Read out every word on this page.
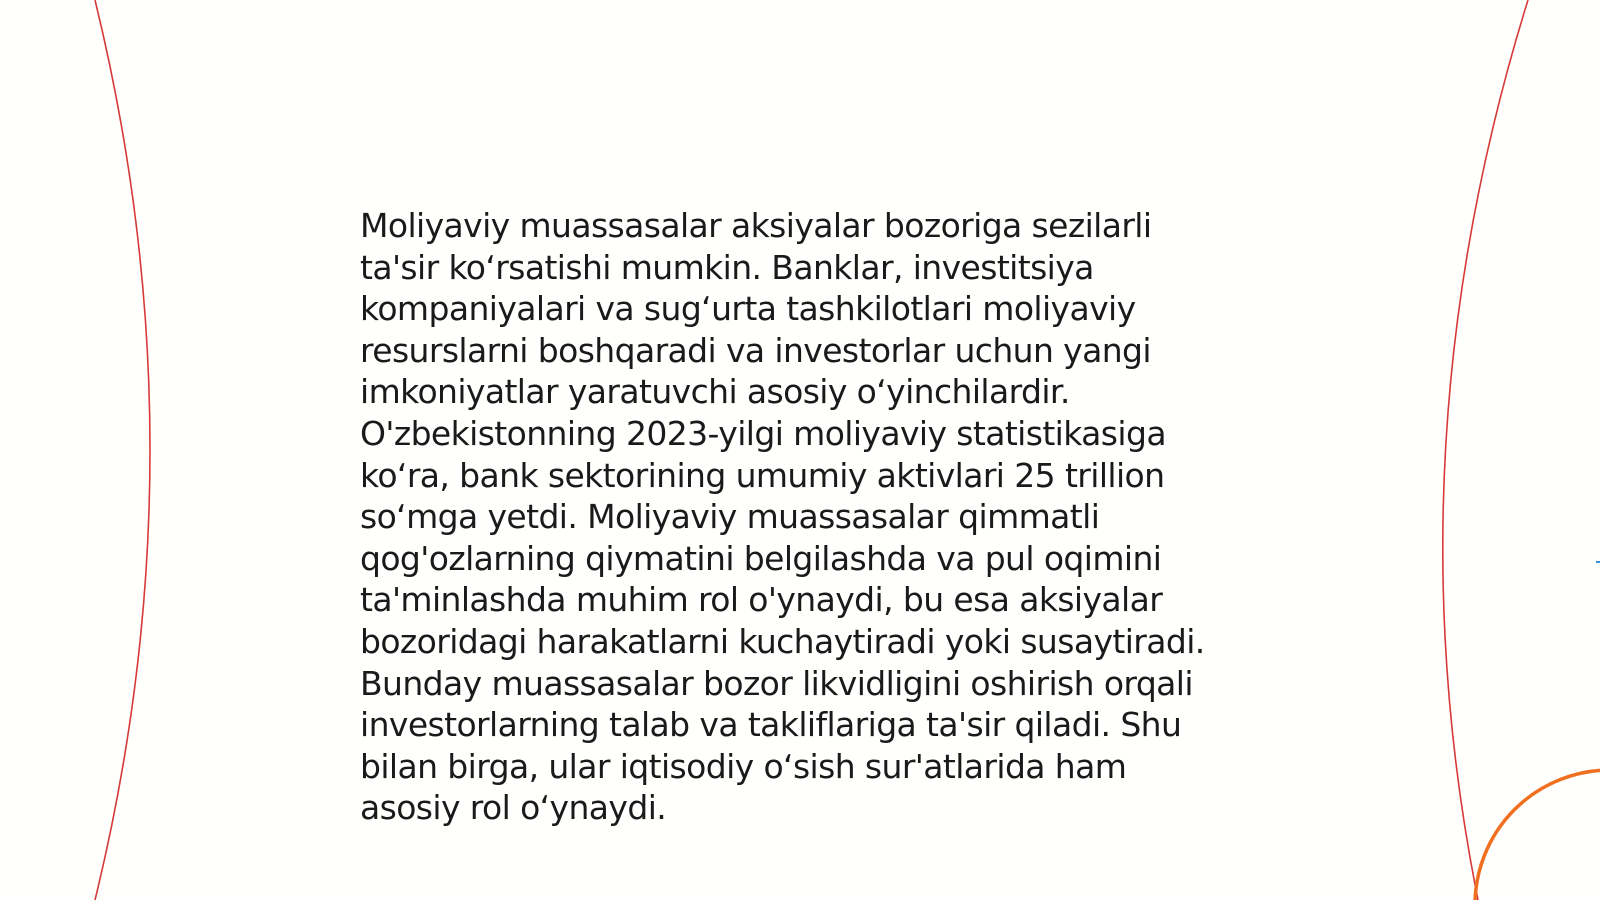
Moliyaviy muassasalar aksiyalar bozoriga sezilarli
ta'sir koʻrsatishi mumkin. Banklar, investitsiya
kompaniyalari va sugʻurta tashkilotlari moliyaviy
resurslarni boshqaradi va investorlar uchun yangi
imkoniyatlar yaratuvchi asosiy oʻyinchilardir.
O'zbekistonning 2023-yilgi moliyaviy statistikasiga
koʻra, bank sektorining umumiy aktivlari 25 trillion
soʻmga yetdi. Moliyaviy muassasalar qimmatli
qog'ozlarning qiymatini belgilashda va pul oqimini
ta'minlashda muhim rol o'ynaydi, bu esa aksiyalar
bozoridagi harakatlarni kuchaytiradi yoki susaytiradi.
Bunday muassasalar bozor likvidligini oshirish orqali
investorlarning talab va takliflariga ta'sir qiladi. Shu
bilan birga, ular iqtisodiy oʻsish sur'atlarida ham
asosiy rol oʻynaydi.
